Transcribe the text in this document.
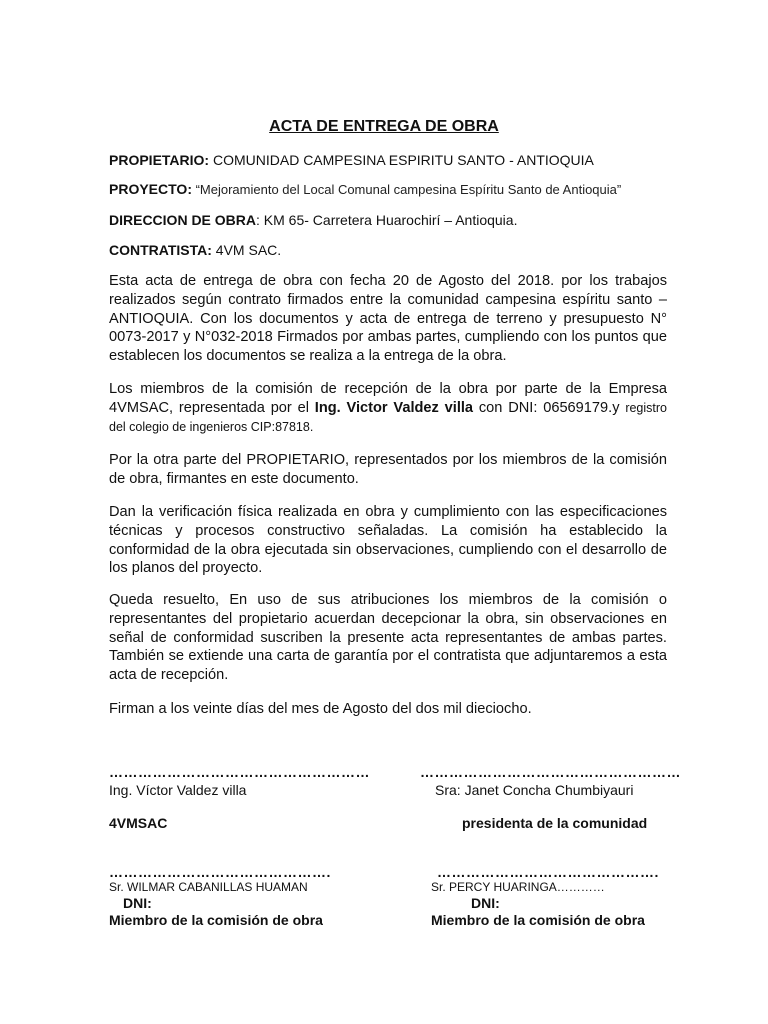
ACTA DE ENTREGA DE OBRA
PROPIETARIO: COMUNIDAD CAMPESINA ESPIRITU SANTO - ANTIOQUIA
PROYECTO: “Mejoramiento del Local Comunal campesina Espíritu Santo de Antioquia”
DIRECCION DE OBRA: KM 65- Carretera Huarochirí – Antioquia.
CONTRATISTA: 4VM SAC.
Esta acta de entrega de obra con fecha 20 de Agosto del 2018. por los trabajos realizados según contrato firmados entre la comunidad campesina espíritu santo – ANTIOQUIA. Con los documentos y acta de entrega de terreno y presupuesto N° 0073-2017 y N°032-2018 Firmados por ambas partes, cumpliendo con los puntos que establecen los documentos se realiza a la entrega de la obra.
Los miembros de la comisión de recepción de la obra por parte de la Empresa 4VMSAC, representada por el Ing. Victor Valdez villa con DNI: 06569179.y registro del colegio de ingenieros CIP:87818.
Por la otra parte del PROPIETARIO, representados por los miembros de la comisión de obra, firmantes en este documento.
Dan la verificación física realizada en obra y cumplimiento con las especificaciones técnicas y procesos constructivo señaladas. La comisión ha establecido la conformidad de la obra ejecutada sin observaciones, cumpliendo con el desarrollo de los planos del proyecto.
Queda resuelto, En uso de sus atribuciones los miembros de la comisión o representantes del propietario acuerdan decepcionar la obra, sin observaciones en señal de conformidad suscriben la presente acta representantes de ambas partes. También se extiende una carta de garantía por el contratista que adjuntaremos a esta acta de recepción.
Firman a los veinte días del mes de Agosto del dos mil dieciocho.
………………………………………………	………………………………………………
Ing. Víctor Valdez villa	Sra: Janet Concha Chumbiyauri
4VMSAC	presidenta de la comunidad
……………………………………….	……………………………………….
Sr. WILMAR CABANILLAS HUAMAN	Sr. PERCY HUARINGA…………
DNI:	DNI:
Miembro de la comisión de obra	Miembro de la comisión de obra
